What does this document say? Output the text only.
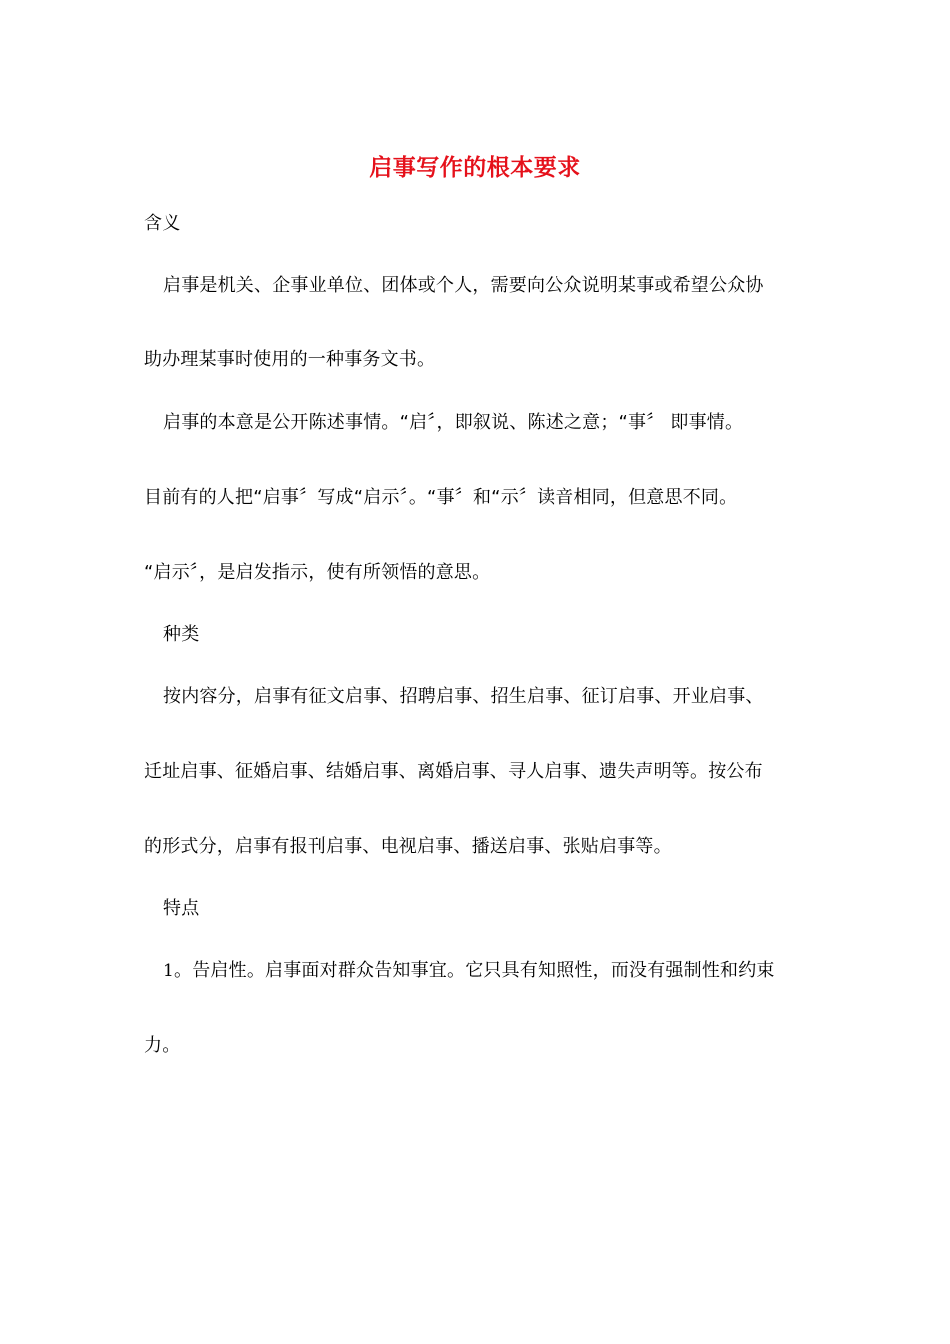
启事写作的根本要求
含义
启事是机关、企事业单位、团体或个人，需要向公众说明某事或希望公众协
助办理某事时使用的一种事务文书。
启事的本意是公开陈述事情。“启〞，即叙说、陈述之意；“事〞 即事情。
目前有的人把“启事〞写成“启示〞。“事〞和“示〞读音相同，但意思不同。
“启示〞，是启发指示，使有所领悟的意思。
种类
按内容分，启事有征文启事、招聘启事、招生启事、征订启事、开业启事、
迁址启事、征婚启事、结婚启事、离婚启事、寻人启事、遗失声明等。按公布
的形式分，启事有报刊启事、电视启事、播送启事、张贴启事等。
特点
1。告启性。启事面对群众告知事宜。它只具有知照性，而没有强制性和约束
力。
